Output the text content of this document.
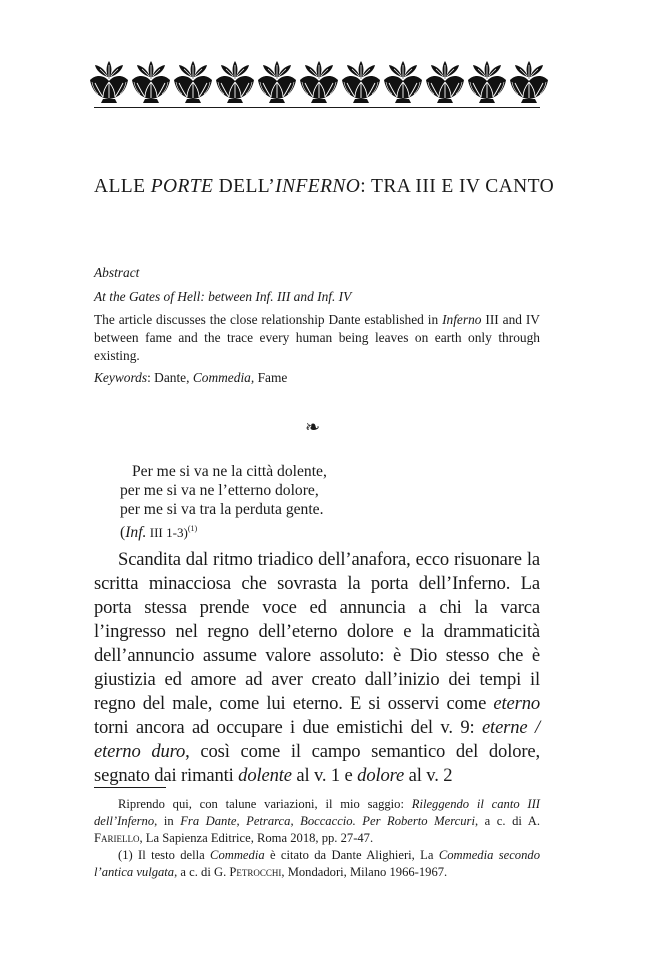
ALLE PORTE DELL’INFERNO: TRA III E IV CANTO

Abstract

At the Gates of Hell: between Inf. III and Inf. IV

The article discusses the close relationship Dante established in Inferno III and IV between fame and the trace every human being leaves on earth only through existing.

Keywords: Dante, Commedia, Fame

❧
Per me si va ne la città dolente,
per me si va ne l’etterno dolore,
per me si va tra la perduta gente.
(Inf. III 1-3)$^{(1)}$

Scandita dal ritmo triadico dell’anafora, ecco risuonare la scritta minacciosa che sovrasta la porta dell’Inferno. La porta stessa prende voce ed annuncia a chi la varca l’ingresso nel regno dell’eterno dolore e la drammaticità dell’annuncio assume valore assoluto: è Dio stesso che è giustizia ed amore ad aver creato dall’inizio dei tempi il regno del male, come lui eterno. E si osservi come eterno torni ancora ad occupare i due emistichi del v. 9: eterne / eterno duro, così come il campo semantico del dolore, segnato dai rimanti dolente al v. 1 e dolore al v. 2

Riprendo qui, con talune variazioni, il mio saggio: Rileggendo il canto III dell’Inferno, in Fra Dante, Petrarca, Boccaccio. Per Roberto Mercuri, a c. di A. Fariello, La Sapienza Editrice, Roma 2018, pp. 27-47.

(1) Il testo della Commedia è citato da Dante Alighieri, La Commedia secondo l’antica vulgata, a c. di G. Petrocchi, Mondadori, Milano 1966-1967.
